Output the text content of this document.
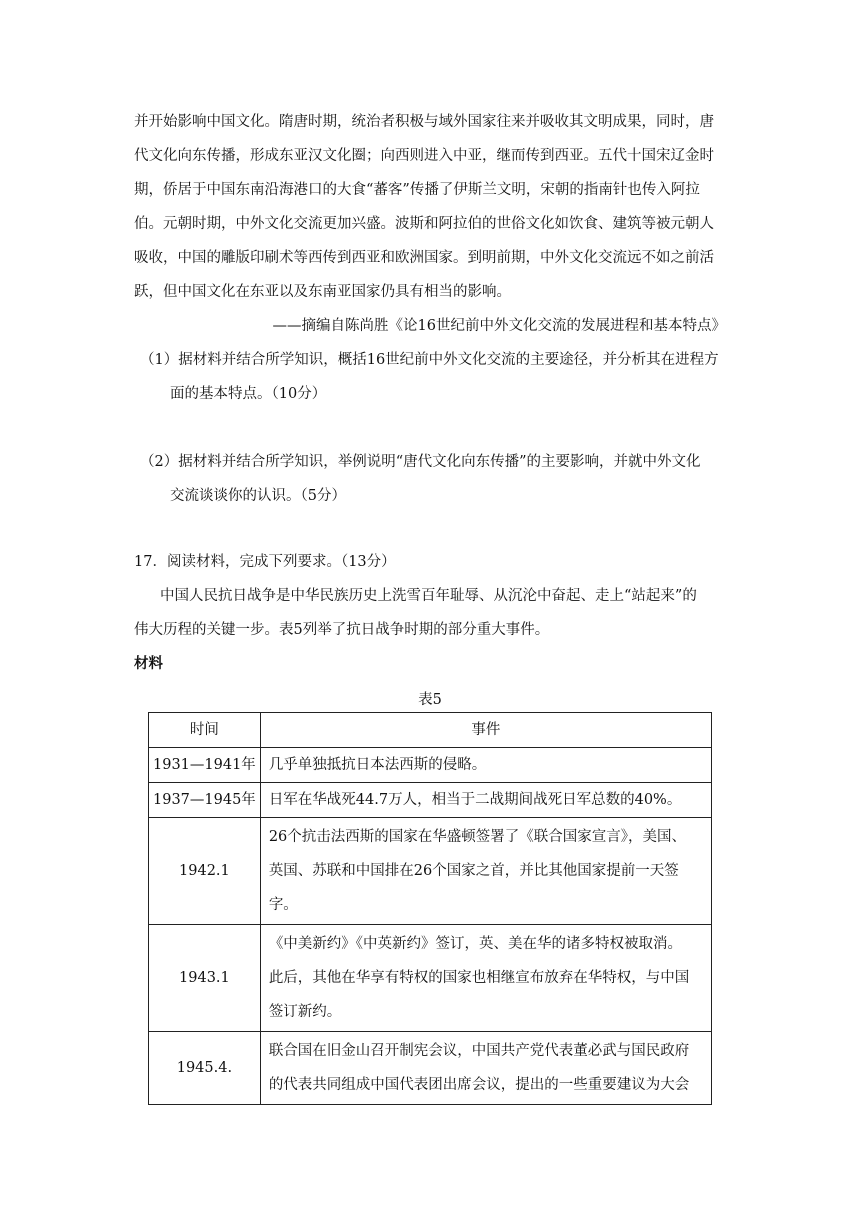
并开始影响中国文化。隋唐时期，统治者积极与域外国家往来并吸收其文明成果，同时，唐
代文化向东传播，形成东亚汉文化圈；向西则进入中亚，继而传到西亚。五代十国宋辽金时
期，侨居于中国东南沿海港口的大食“蕃客”传播了伊斯兰文明，宋朝的指南针也传入阿拉
伯。元朝时期，中外文化交流更加兴盛。波斯和阿拉伯的世俗文化如饮食、建筑等被元朝人
吸收，中国的雕版印刷术等西传到西亚和欧洲国家。到明前期，中外文化交流远不如之前活
跃，但中国文化在东亚以及东南亚国家仍具有相当的影响。
——摘编自陈尚胜《论16世纪前中外文化交流的发展进程和基本特点》
（1）据材料并结合所学知识，概括16世纪前中外文化交流的主要途径，并分析其在进程方
面的基本特点。（10分）
（2）据材料并结合所学知识，举例说明“唐代文化向东传播”的主要影响，并就中外文化
交流谈谈你的认识。（5分）
17．阅读材料，完成下列要求。（13分）
中国人民抗日战争是中华民族历史上洗雪百年耻辱、从沉沦中奋起、走上“站起来”的
伟大历程的关键一步。表5列举了抗日战争时期的部分重大事件。
材料
表5
时间	事件
1931—1941年	几乎单独抵抗日本法西斯的侵略。

1937—1945年	日军在华战死44.7万人，相当于二战期间战死日军总数的40%。

1942.1	26个抗击法西斯的国家在华盛顿签署了《联合国家宣言》，美国、
英国、苏联和中国排在26个国家之首，并比其他国家提前一天签
字。

1943.1	《中美新约》《中英新约》签订，英、美在华的诸多特权被取消。
此后，其他在华享有特权的国家也相继宣布放弃在华特权，与中国
签订新约。

1945.4.	联合国在旧金山召开制宪会议，中国共产党代表董必武与国民政府
的代表共同组成中国代表团出席会议，提出的一些重要建议为大会
